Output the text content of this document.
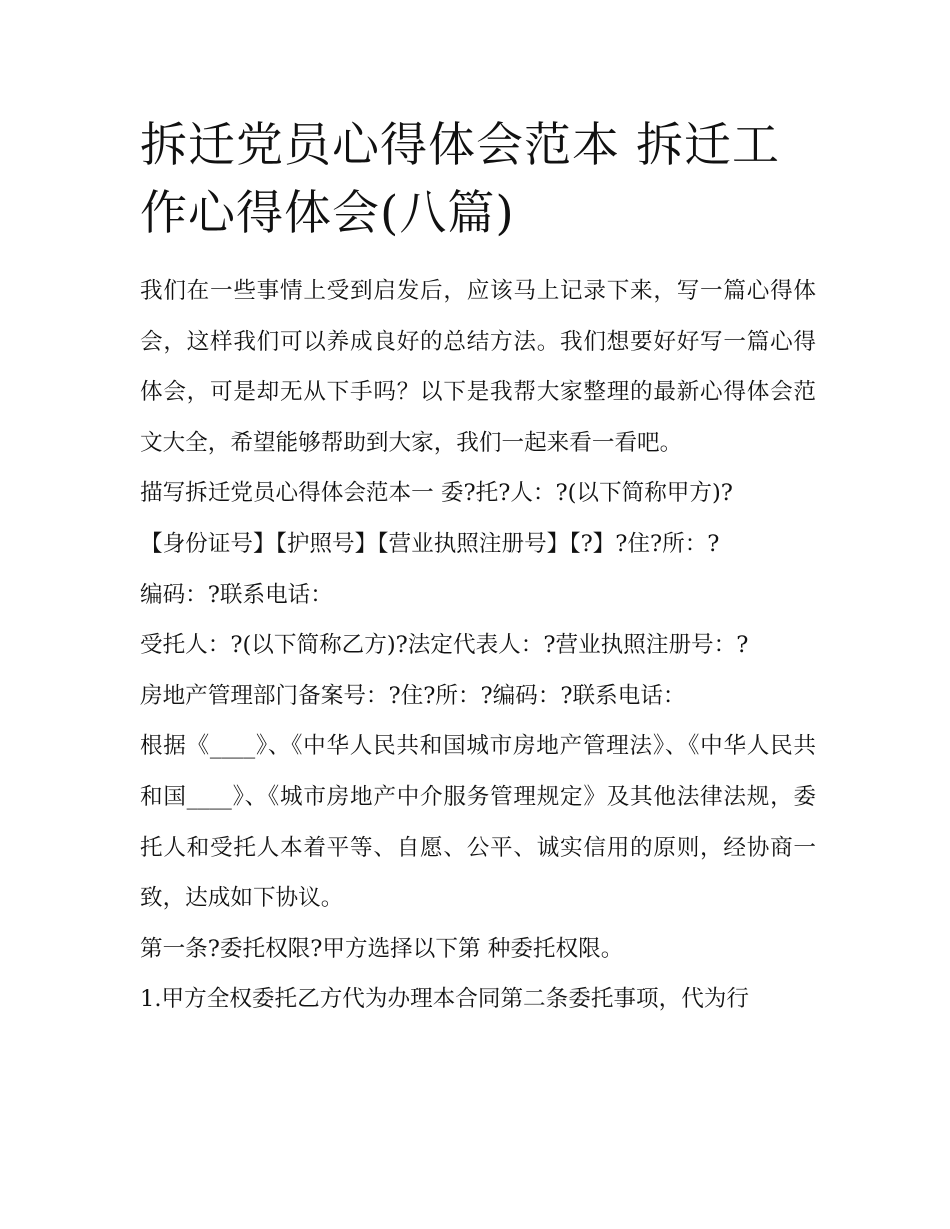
拆迁党员心得体会范本 拆迁工
作心得体会(八篇)

我们在一些事情上受到启发后，应该马上记录下来，写一篇心得体会，这样我们可以养成良好的总结方法。我们想要好好写一篇心得体会，可是却无从下手吗？以下是我帮大家整理的最新心得体会范文大全，希望能够帮助到大家，我们一起来看一看吧。

描写拆迁党员心得体会范本一 委?托?人：?(以下简称甲方)?

【身份证号】【护照号】【营业执照注册号】【?】?住?所：?

编码：?联系电话：

受托人：?(以下简称乙方)?法定代表人：?营业执照注册号：?

房地产管理部门备案号：?住?所：?编码：?联系电话：

根据《____》、《中华人民共和国城市房地产管理法》、《中华人民共和国____》、《城市房地产中介服务管理规定》及其他法律法规，委托人和受托人本着平等、自愿、公平、诚实信用的原则，经协商一致，达成如下协议。

第一条?委托权限?甲方选择以下第 种委托权限。

1.甲方全权委托乙方代为办理本合同第二条委托事项，代为行
